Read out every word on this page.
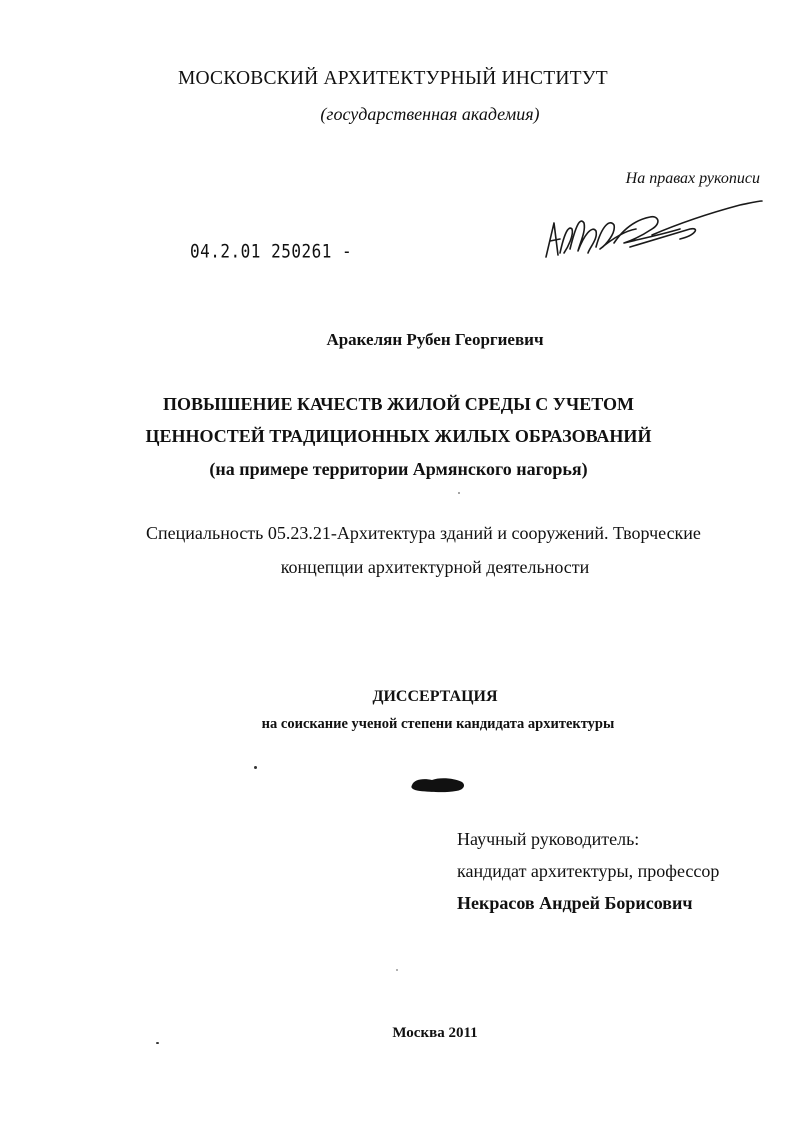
МОСКОВСКИЙ АРХИТЕКТУРНЫЙ ИНСТИТУТ
(государственная академия)
На правах рукописи
04.2.01 250261 -
Аракелян Рубен Георгиевич
ПОВЫШЕНИЕ КАЧЕСТВ ЖИЛОЙ СРЕДЫ С УЧЕТОМ
ЦЕННОСТЕЙ ТРАДИЦИОННЫХ ЖИЛЫХ ОБРАЗОВАНИЙ
(на примере территории Армянского нагорья)
Специальность 05.23.21-Архитектура зданий и сооружений. Творческие
концепции архитектурной деятельности
ДИССЕРТАЦИЯ
на соискание ученой степени кандидата архитектуры
Научный руководитель:
кандидат архитектуры, профессор
Некрасов Андрей Борисович
Москва 2011
